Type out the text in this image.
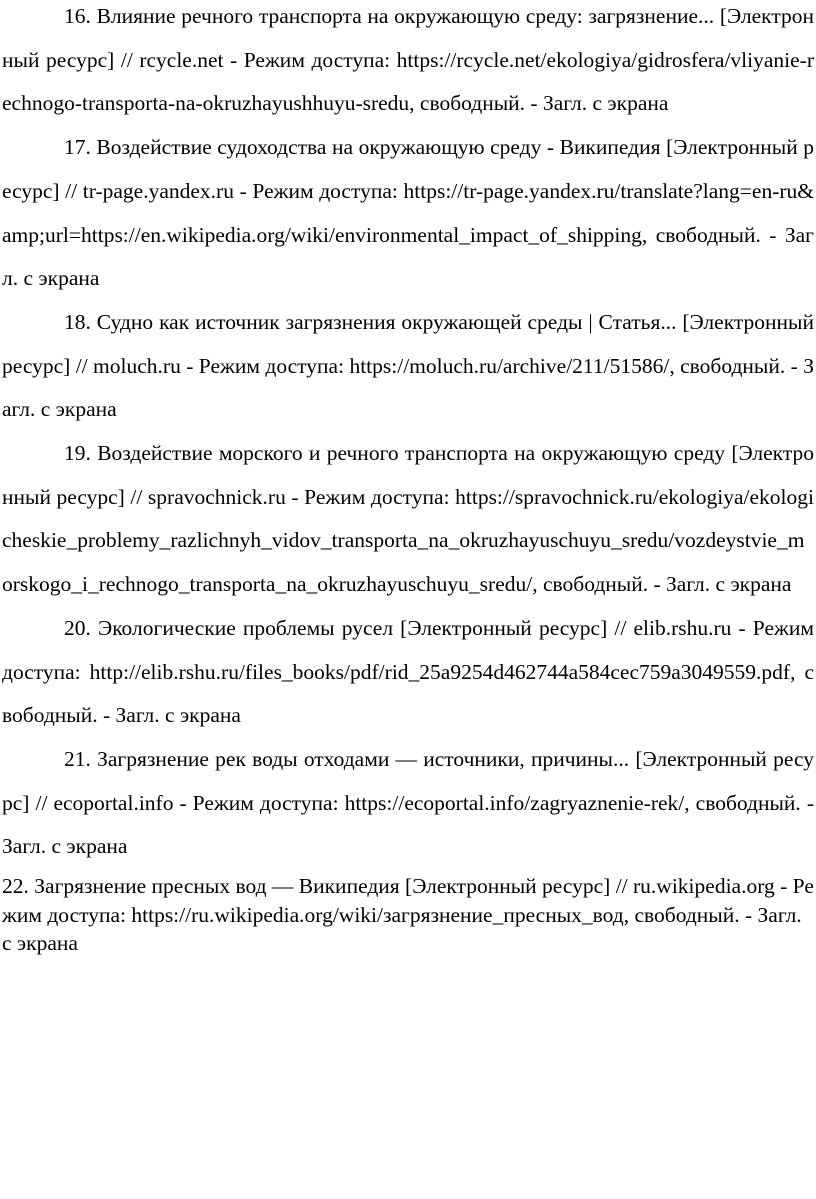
16. Влияние речного транспорта на окружающую среду: загрязнение... [Электронный ресурс] // rcycle.net - Режим доступа: https://rcycle.net/ekologiya/gidrosfera/vliyanie-rechnogo-transporta-na-okruzhayushhuyu-sredu, свободный. - Загл. с экрана

17. Воздействие судоходства на окружающую среду - Википедия [Электронный ресурс] // tr-page.yandex.ru - Режим доступа: https://tr-page.yandex.ru/translate?lang=en-ru&amp;url=https://en.wikipedia.org/wiki/environmental_impact_of_shipping, свободный. - Загл. с экрана

18. Судно как источник загрязнения окружающей среды | Статья... [Электронный ресурс] // moluch.ru - Режим доступа: https://moluch.ru/archive/211/51586/, свободный. - Загл. с экрана

19. Воздействие морского и речного транспорта на окружающую среду [Электронный ресурс] // spravochnick.ru - Режим доступа: https://spravochnick.ru/ekologiya/ekologicheskie_problemy_razlichnyh_vidov_transporta_na_okruzhayuschuyu_sredu/vozdeystvie_morskogo_i_rechnogo_transporta_na_okruzhayuschuyu_sredu/, свободный. - Загл. с экрана

20. Экологические проблемы русел [Электронный ресурс] // elib.rshu.ru - Режим доступа: http://elib.rshu.ru/files_books/pdf/rid_25a9254d462744a584cec759a3049559.pdf, свободный. - Загл. с экрана

21. Загрязнение рек воды отходами — источники, причины... [Электронный ресурс] // ecoportal.info - Режим доступа: https://ecoportal.info/zagryaznenie-rek/, свободный. - Загл. с экрана

22. Загрязнение пресных вод — Википедия [Электронный ресурс] // ru.wikipedia.org - Режим доступа: https://ru.wikipedia.org/wiki/загрязнение_пресных_вод, свободный. - Загл. с экрана
